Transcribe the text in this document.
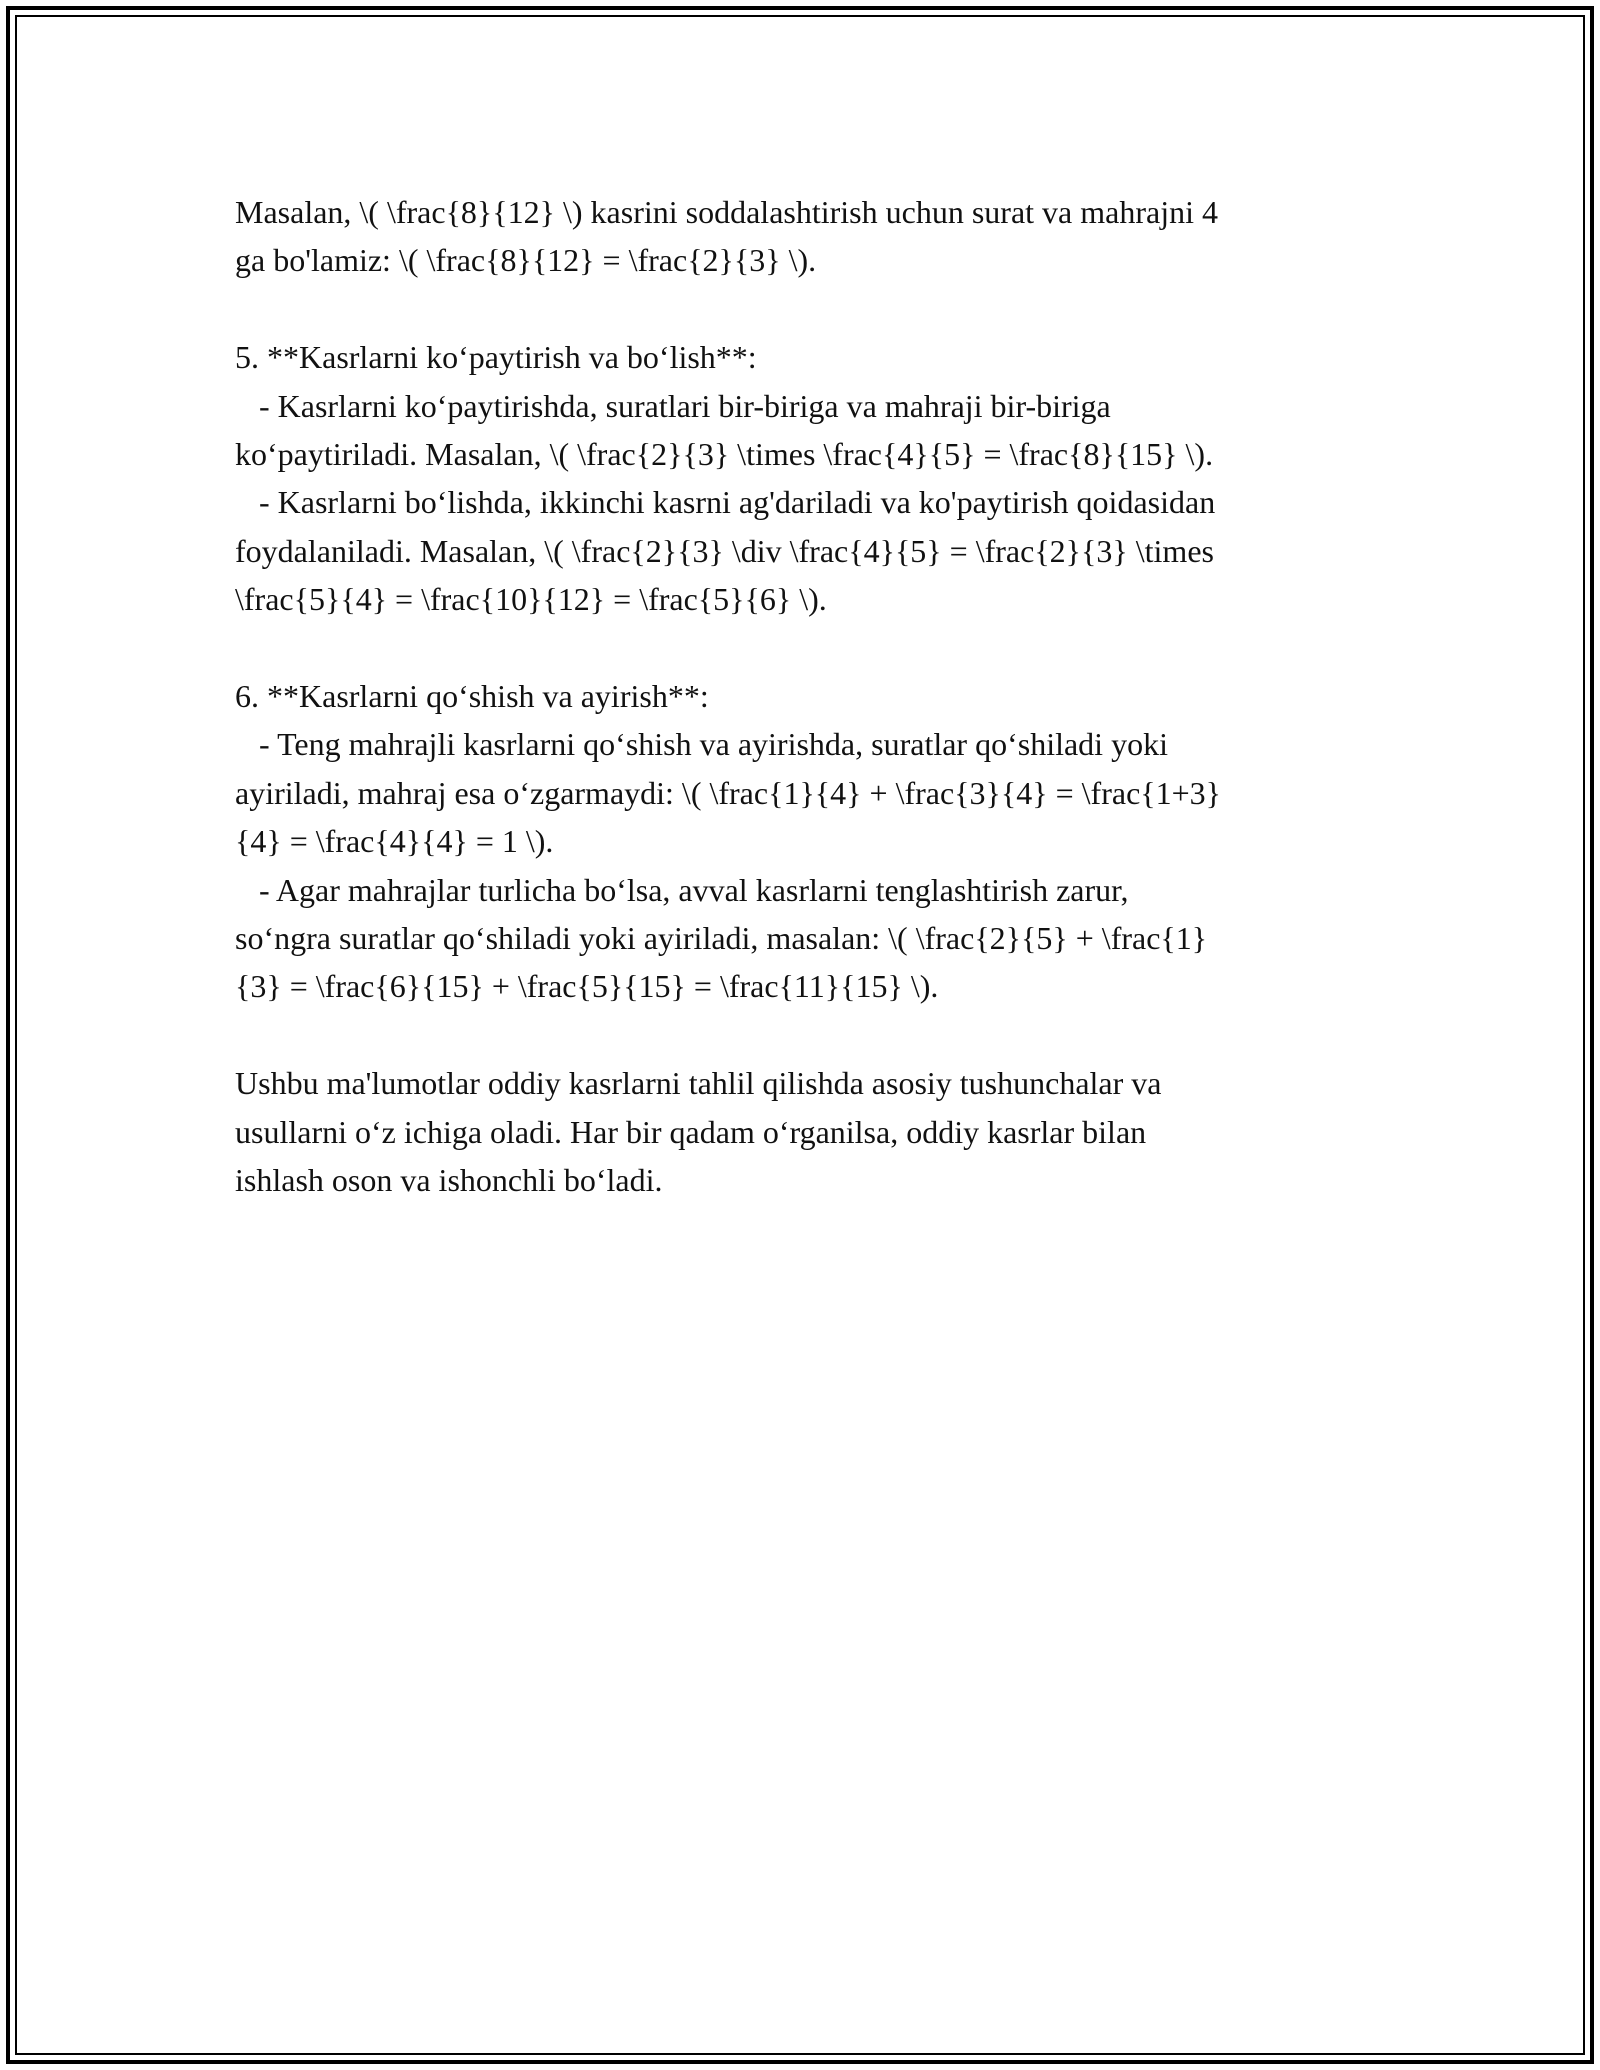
Masalan, \( \frac{8}{12} \) kasrini soddalashtirish uchun surat va mahrajni 4
ga bo'lamiz: \( \frac{8}{12} = \frac{2}{3} \).

5. **Kasrlarni ko‘paytirish va bo‘lish**:
- Kasrlarni ko‘paytirishda, suratlari bir-biriga va mahraji bir-biriga
ko‘paytiriladi. Masalan, \( \frac{2}{3} \times \frac{4}{5} = \frac{8}{15} \).
- Kasrlarni bo‘lishda, ikkinchi kasrni ag'dariladi va ko'paytirish qoidasidan
foydalaniladi. Masalan, \( \frac{2}{3} \div \frac{4}{5} = \frac{2}{3} \times
\frac{5}{4} = \frac{10}{12} = \frac{5}{6} \).

6. **Kasrlarni qo‘shish va ayirish**:
- Teng mahrajli kasrlarni qo‘shish va ayirishda, suratlar qo‘shiladi yoki
ayiriladi, mahraj esa o‘zgarmaydi: \( \frac{1}{4} + \frac{3}{4} = \frac{1+3}
{4} = \frac{4}{4} = 1 \).
- Agar mahrajlar turlicha bo‘lsa, avval kasrlarni tenglashtirish zarur,
so‘ngra suratlar qo‘shiladi yoki ayiriladi, masalan: \( \frac{2}{5} + \frac{1}
{3} = \frac{6}{15} + \frac{5}{15} = \frac{11}{15} \).

Ushbu ma'lumotlar oddiy kasrlarni tahlil qilishda asosiy tushunchalar va
usullarni o‘z ichiga oladi. Har bir qadam o‘rganilsa, oddiy kasrlar bilan
ishlash oson va ishonchli bo‘ladi.
